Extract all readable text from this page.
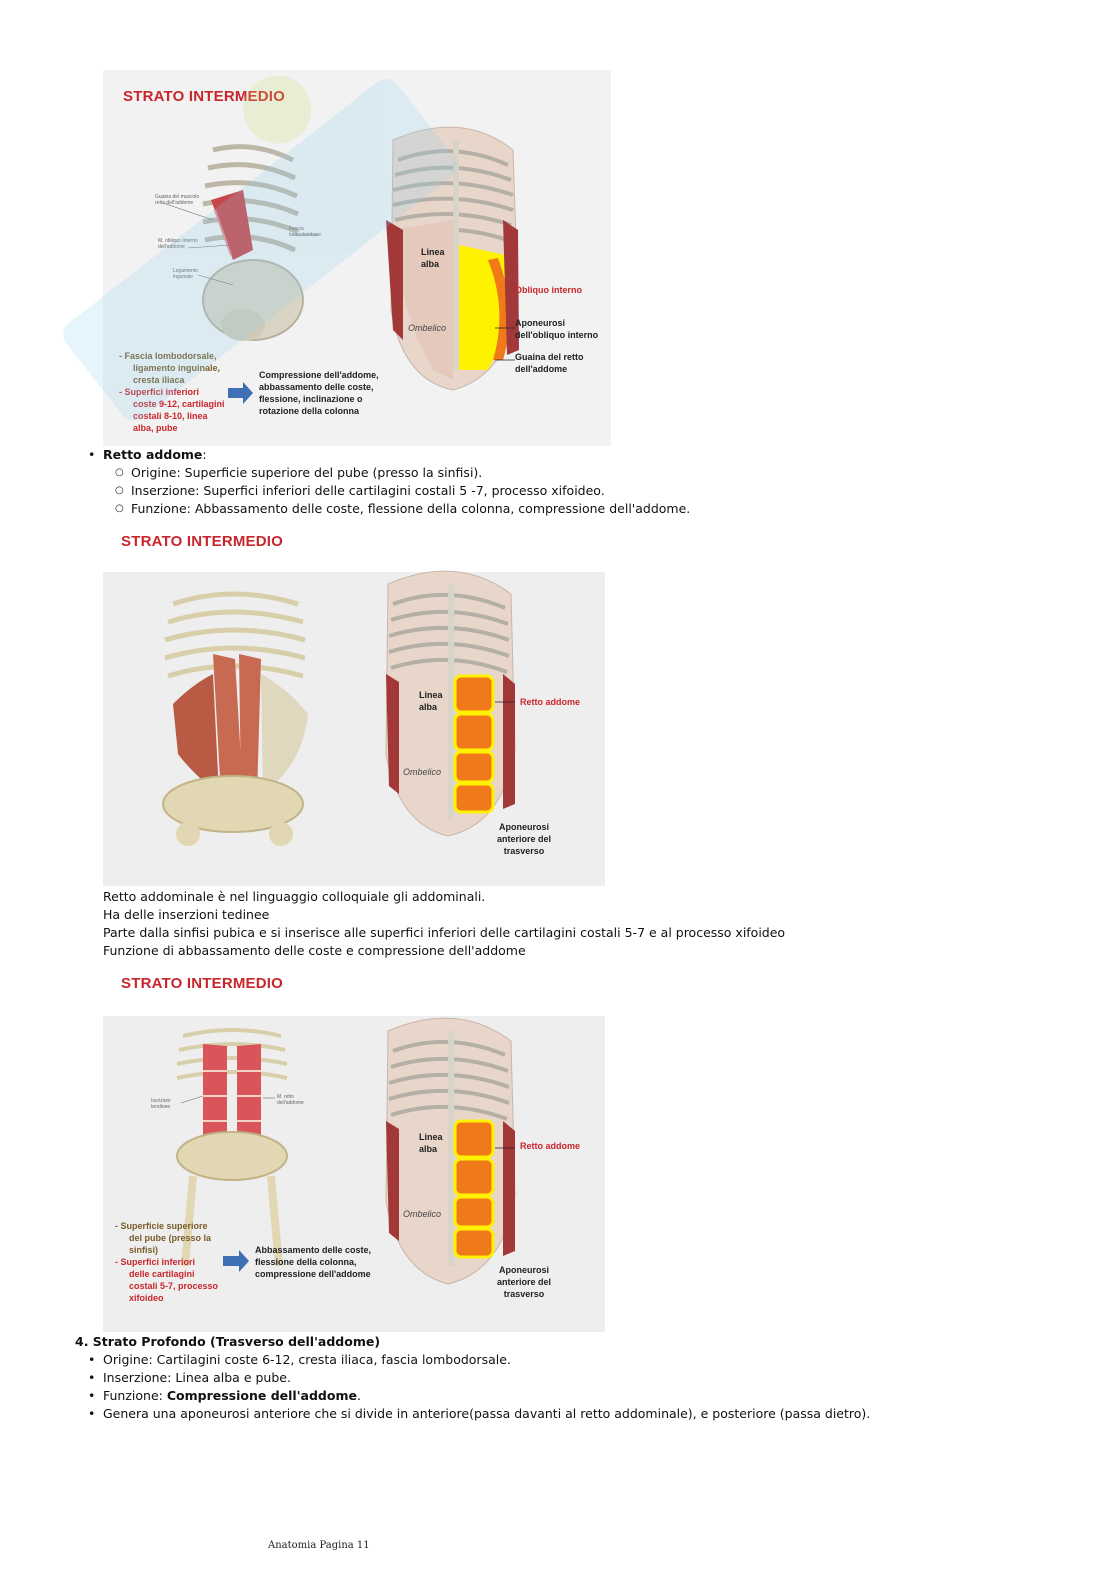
STRATO INTERMEDIO
Guaina del muscolo retto dell'addome
M. obliquo interno dell'addome
Legamento inguinale
Fascia toracolombare
Linea alba
Obliquo interno
Ombelico	Aponeurosi dell'obliquo interno
Guaina del retto dell'addome
- Fascia lombodorsale,
ligamento inguinale,
cresta iliaca
- Superfici inferiori
coste 9-12, cartilagini
costali 8-10, linea
alba, pube
Compressione dell'addome,
abbassamento delle coste,
flessione, inclinazione o
rotazione della colonna
• Retto addome:
○ Origine: Superficie superiore del pube (presso la sinfisi).
○ Inserzione: Superfici inferiori delle cartilagini costali 5 -7, processo xifoideo.
○ Funzione: Abbassamento delle coste, flessione della colonna, compressione dell'addome.
STRATO INTERMEDIO
Linea alba	Retto addome
Ombelico
Aponeurosi anteriore del trasverso
Retto addominale è nel linguaggio colloquiale gli addominali.
Ha delle inserzioni tedinee
Parte dalla sinfisi pubica e si inserisce alle superfici inferiori delle cartilagini costali 5-7 e al processo xifoideo
Funzione di abbassamento delle coste e compressione dell'addome
STRATO INTERMEDIO
Iscrizioni tendinee
M. retto dell'addome
Linea alba	Retto addome
Ombelico
Aponeurosi anteriore del trasverso
- Superficie superiore
del pube (presso la
sinfisi)
- Superfici inferiori
delle cartilagini
costali 5-7, processo
xifoideo
Abbassamento delle coste,
flessione della colonna,
compressione dell'addome
4. Strato Profondo (Trasverso dell'addome)
• Origine: Cartilagini coste 6-12, cresta iliaca, fascia lombodorsale.
• Inserzione: Linea alba e pube.
• Funzione: Compressione dell'addome.
• Genera una aponeurosi anteriore che si divide in anteriore(passa davanti al retto addominale), e posteriore (passa dietro).
Anatomia Pagina 11
